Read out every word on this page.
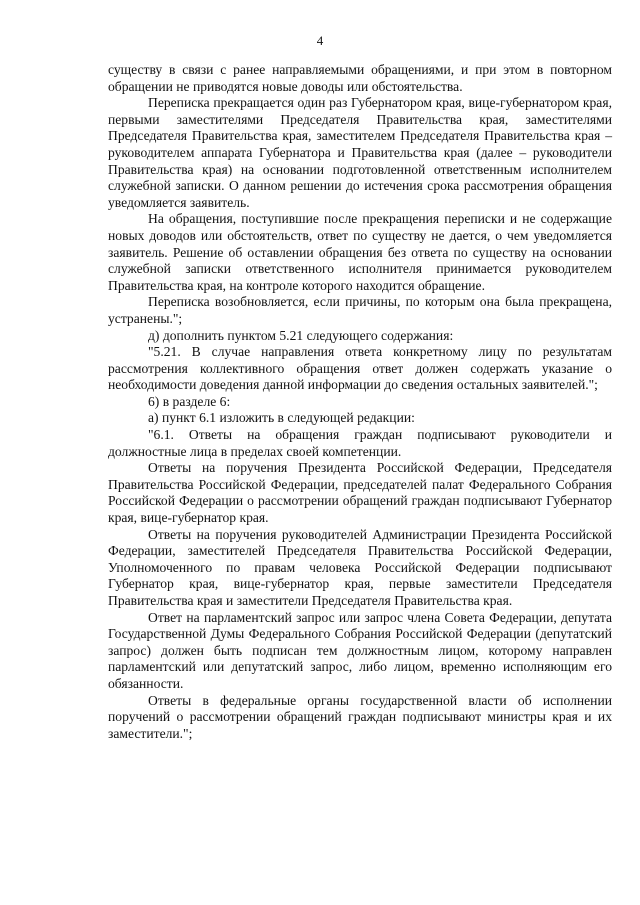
4

существу в связи с ранее направляемыми обращениями, и при этом в повторном обращении не приводятся новые доводы или обстоятельства.

Переписка прекращается один раз Губернатором края, вице-губернатором края, первыми заместителями Председателя Правительства края, заместителями Председателя Правительства края, заместителем Председателя Правительства края – руководителем аппарата Губернатора и Правительства края (далее – руководители Правительства края) на основании подготовленной ответственным исполнителем служебной записки. О данном решении до истечения срока рассмотрения обращения уведомляется заявитель.

На обращения, поступившие после прекращения переписки и не содержащие новых доводов или обстоятельств, ответ по существу не дается, о чем уведомляется заявитель. Решение об оставлении обращения без ответа по существу на основании служебной записки ответственного исполнителя принимается руководителем Правительства края, на контроле которого находится обращение.

Переписка возобновляется, если причины, по которым она была прекращена, устранены.";

д) дополнить пунктом 5.21 следующего содержания:

"5.21. В случае направления ответа конкретному лицу по результатам рассмотрения коллективного обращения ответ должен содержать указание о необходимости доведения данной информации до сведения остальных заявителей.";

6) в разделе 6:

а) пункт 6.1 изложить в следующей редакции:

"6.1. Ответы на обращения граждан подписывают руководители и должностные лица в пределах своей компетенции.

Ответы на поручения Президента Российской Федерации, Председателя Правительства Российской Федерации, председателей палат Федерального Собрания Российской Федерации о рассмотрении обращений граждан подписывают Губернатор края, вице-губернатор края.

Ответы на поручения руководителей Администрации Президента Российской Федерации, заместителей Председателя Правительства Российской Федерации, Уполномоченного по правам человека Российской Федерации подписывают Губернатор края, вице-губернатор края, первые заместители Председателя Правительства края и заместители Председателя Правительства края.

Ответ на парламентский запрос или запрос члена Совета Федерации, депутата Государственной Думы Федерального Собрания Российской Федерации (депутатский запрос) должен быть подписан тем должностным лицом, которому направлен парламентский или депутатский запрос, либо лицом, временно исполняющим его обязанности.

Ответы в федеральные органы государственной власти об исполнении поручений о рассмотрении обращений граждан подписывают министры края и их заместители.";
